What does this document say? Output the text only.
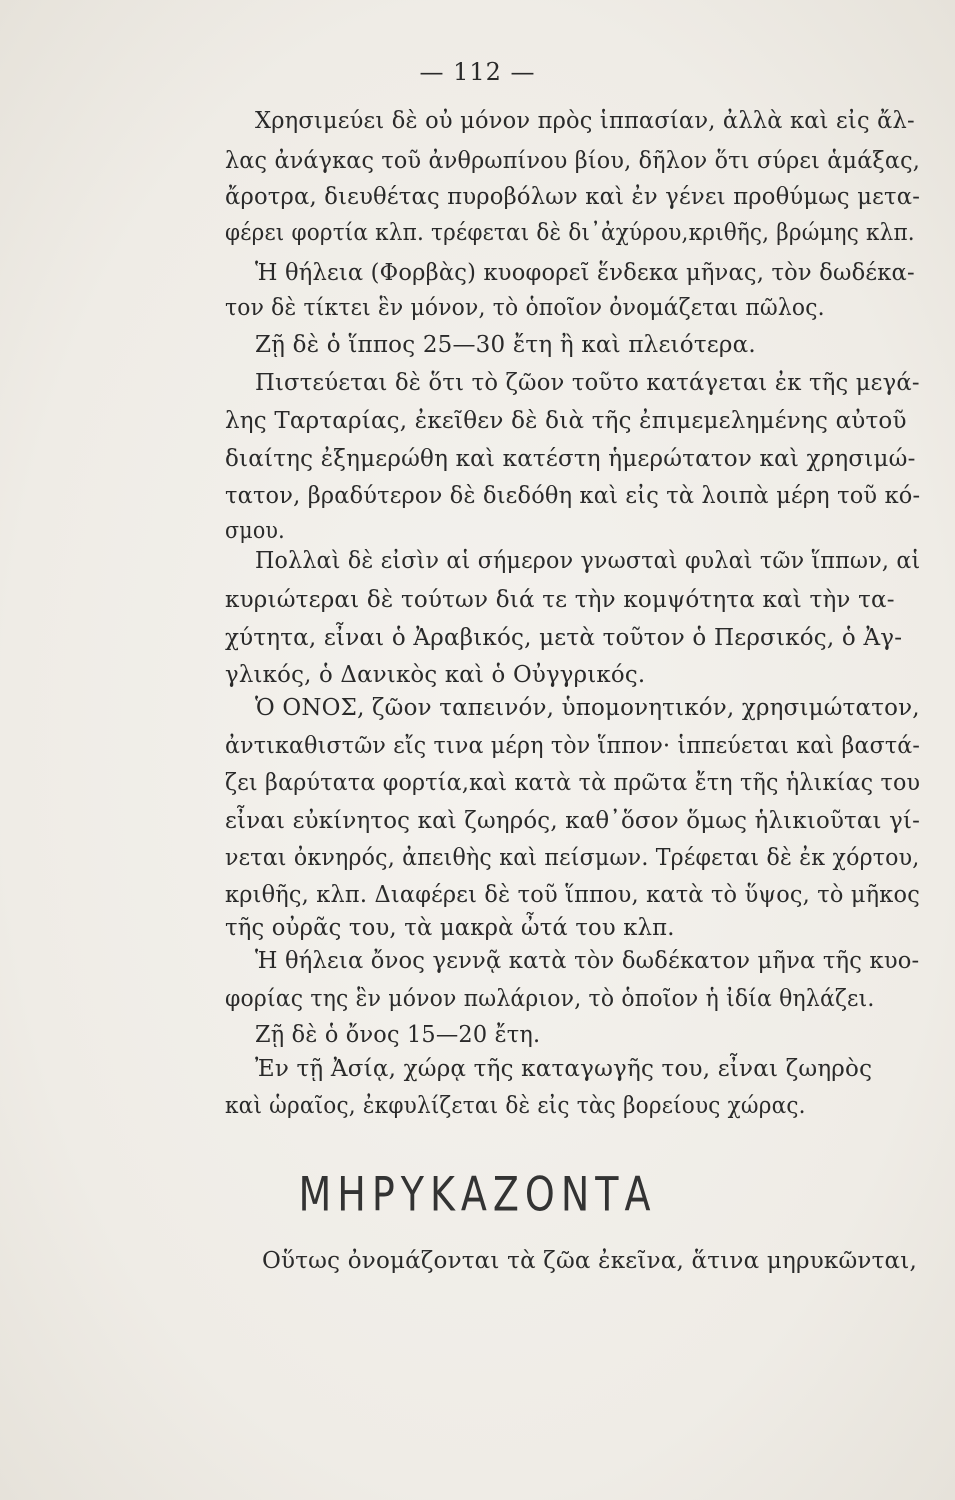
— 112 —
Χρησιμεύει δὲ οὐ μόνον πρὸς ἱππασίαν, ἀλλὰ καὶ εἰς ἄλ-
λας ἀνάγκας τοῦ ἀνθρωπίνου βίου, δῆλον ὅτι σύρει ἁμάξας,
ἄροτρα, διευθέτας πυροβόλων καὶ ἐν γένει προθύμως μετα-
φέρει φορτία κλπ. τρέφεται δὲ δι᾽ἀχύρου,κριθῆς, βρώμης κλπ.
Ἡ θήλεια (Φορβὰς) κυοφορεῖ ἕνδεκα μῆνας, τὸν δωδέκα-
τον δὲ τίκτει ἓν μόνον, τὸ ὁποῖον ὀνομάζεται πῶλος.
Ζῇ δὲ ὁ ἵππος 25—30 ἔτη ἢ καὶ πλειότερα.
Πιστεύεται δὲ ὅτι τὸ ζῶον τοῦτο κατάγεται ἐκ τῆς μεγά-
λης Ταρταρίας, ἐκεῖθεν δὲ διὰ τῆς ἐπιμεμελημένης αὐτοῦ
διαίτης ἐξημερώθη καὶ κατέστη ἡμερώτατον καὶ χρησιμώ-
τατον, βραδύτερον δὲ διεδόθη καὶ εἰς τὰ λοιπὰ μέρη τοῦ κό-
σμου.
Πολλαὶ δὲ εἰσὶν αἱ σήμερον γνωσταὶ φυλαὶ τῶν ἵππων, αἱ
κυριώτεραι δὲ τούτων διά τε τὴν κομψότητα καὶ τὴν τα-
χύτητα, εἶναι ὁ Ἀραβικός, μετὰ τοῦτον ὁ Περσικός, ὁ Ἀγ-
γλικός, ὁ Δανικὸς καὶ ὁ Οὐγγρικός.
Ὁ ΟΝΟΣ, ζῶον ταπεινόν, ὑπομονητικόν, χρησιμώτατον,
ἀντικαθιστῶν εἴς τινα μέρη τὸν ἵππον· ἱππεύεται καὶ βαστά-
ζει βαρύτατα φορτία,καὶ κατὰ τὰ πρῶτα ἔτη τῆς ἡλικίας του
εἶναι εὐκίνητος καὶ ζωηρός, καθ᾽ὅσον ὅμως ἡλικιοῦται γί-
νεται ὀκνηρός, ἀπειθὴς καὶ πείσμων. Τρέφεται δὲ ἐκ χόρτου,
κριθῆς, κλπ. Διαφέρει δὲ τοῦ ἵππου, κατὰ τὸ ὕψος, τὸ μῆκος
τῆς οὐρᾶς του, τὰ μακρὰ ὦτά του κλπ.
Ἡ θήλεια ὄνος γεννᾷ κατὰ τὸν δωδέκατον μῆνα τῆς κυο-
φορίας της ἓν μόνον πωλάριον, τὸ ὁποῖον ἡ ἰδία θηλάζει.
Ζῇ δὲ ὁ ὄνος 15—20 ἔτη.
Ἐν τῇ Ἀσίᾳ, χώρᾳ τῆς καταγωγῆς του, εἶναι ζωηρὸς
καὶ ὡραῖος, ἐκφυλίζεται δὲ εἰς τὰς βορείους χώρας.
ΜΗΡΥΚΑΖΟΝΤΑ
Οὕτως ὀνομάζονται τὰ ζῶα ἐκεῖνα, ἅτινα μηρυκῶνται,
